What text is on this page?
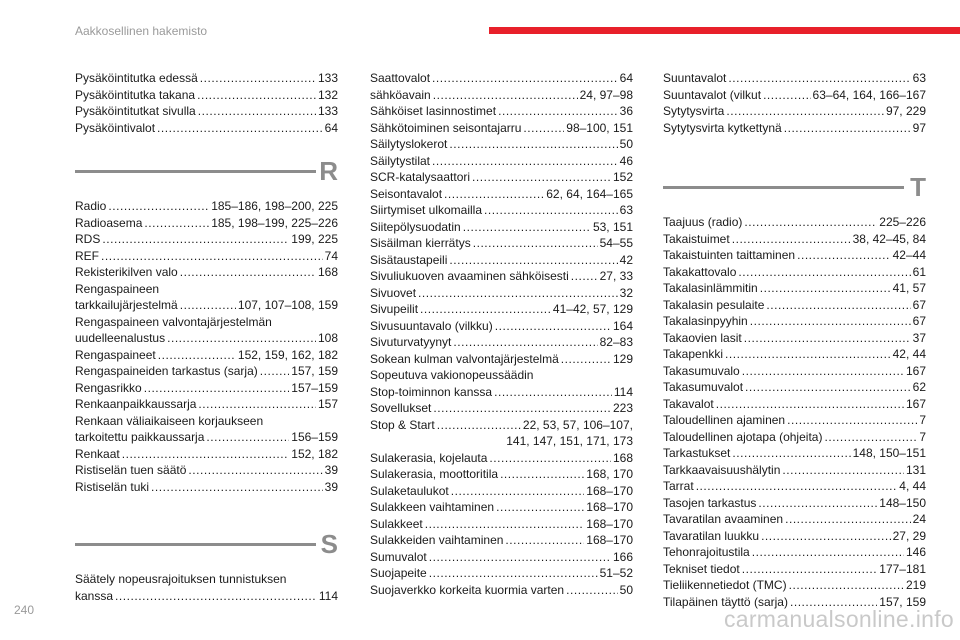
Aakkosellinen hakemisto
Pysäköintitutka edessä . . .	133
Pysäköintitutka takana . . .	132
Pysäköintitutkat sivulla . . .	133
Pysäköintivalot . . .	64
R
Radio . . .	185–186, 198–200, 225
Radioasema . . .	185, 198–199, 225–226
RDS . . .	199, 225
REF . . .	74
Rekisterikilven valo . . .	168
Rengaspaineen
tarkkailujärjestelmä . . .	107, 107–108, 159
Rengaspaineen valvontajärjestelmän
uudelleenalustus . . .	108
Rengaspaineet . . .	152, 159, 162, 182
Rengaspaineiden tarkastus (sarja) . . .	157, 159
Rengasrikko . . .	157–159
Renkaanpaikkaussarja . . .	157
Renkaan väliaikaiseen korjaukseen
tarkoitettu paikkaussarja . . .	156–159
Renkaat . . .	152, 182
Ristiselän tuen säätö . . .	39
Ristiselän tuki . . .	39
S
Säätely nopeusrajoituksen tunnistuksen
kanssa . . .	114
Saattovalot . . .	64
sähköavain . . .	24, 97–98
Sähköiset lasinnostimet . . .	36
Sähkötoiminen seisontajarru . . .	98–100, 151
Säilytyslokerot . . .	50
Säilytystilat . . .	46
SCR-katalysaattori . . .	152
Seisontavalot . . .	62, 64, 164–165
Siirtymiset ulkomailla . . .	63
Siitepölysuodatin . . .	53, 151
Sisäilman kierrätys . . .	54–55
Sisätaustapeili . . .	42
Sivuliukuoven avaaminen sähköisesti . . .	27, 33
Sivuovet . . .	32
Sivupeilit . . .	41–42, 57, 129
Sivusuuntavalo (vilkku) . . .	164
Sivuturvatyynyt . . .	82–83
Sokean kulman valvontajärjestelmä . . .	129
Sopeutuva vakionopeussäädin
Stop-toiminnon kanssa . . .	114
Sovellukset . . .	223
Stop & Start . . .	22, 53, 57, 106–107,
141, 147, 151, 171, 173
Sulakerasia, kojelauta . . .	168
Sulakerasia, moottoritila . . .	168, 170
Sulaketaulukot . . .	168–170
Sulakkeen vaihtaminen . . .	168–170
Sulakkeet . . .	168–170
Sulakkeiden vaihtaminen . . .	168–170
Sumuvalot . . .	166
Suojapeite . . .	51–52
Suojaverkko korkeita kuormia varten . . .	50
Suuntavalot . . .	63
Suuntavalot (vilkut . . .	63–64, 164, 166–167
Sytytysvirta . . .	97, 229
Sytytysvirta kytkettynä . . .	97
T
Taajuus (radio) . . .	225–226
Takaistuimet . . .	38, 42–45, 84
Takaistuinten taittaminen . . .	42–44
Takakattovalo . . .	61
Takalasinlämmitin . . .	41, 57
Takalasin pesulaite . . .	67
Takalasinpyyhin . . .	67
Takaovien lasit . . .	37
Takapenkki . . .	42, 44
Takasumuvalo . . .	167
Takasumuvalot . . .	62
Takavalot . . .	167
Taloudellinen ajaminen . . .	7
Taloudellinen ajotapa (ohjeita) . . .	7
Tarkastukset . . .	148, 150–151
Tarkkaavaisuushälytin . . .	131
Tarrat . . .	4, 44
Tasojen tarkastus . . .	148–150
Tavaratilan avaaminen . . .	24
Tavaratilan luukku . . .	27, 29
Tehonrajoitustila . . .	146
Tekniset tiedot . . .	177–181
Tieliikennetiedot (TMC) . . .	219
Tilapäinen täyttö (sarja) . . .	157, 159
240	carmanualsonline.info
